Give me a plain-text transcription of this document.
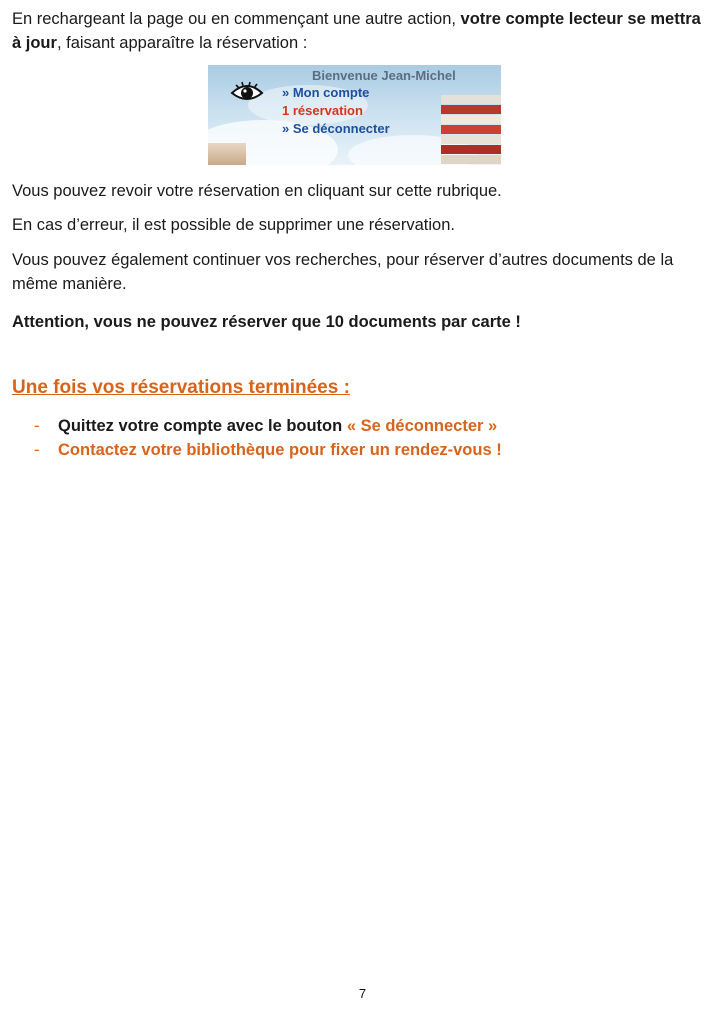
En rechargeant la page ou en commençant une autre action, votre compte lecteur se mettra à jour, faisant apparaître la réservation :

Bienvenue Jean-Michel
» Mon compte
1 réservation
» Se déconnecter

Vous pouvez revoir votre réservation en cliquant sur cette rubrique.

En cas d’erreur, il est possible de supprimer une réservation.

Vous pouvez également continuer vos recherches, pour réserver d’autres documents de la même manière.

Attention, vous ne pouvez réserver que 10 documents par carte !

Une fois vos réservations terminées :
-	Quittez votre compte avec le bouton « Se déconnecter »
-	Contactez votre bibliothèque pour fixer un rendez-vous !
7
